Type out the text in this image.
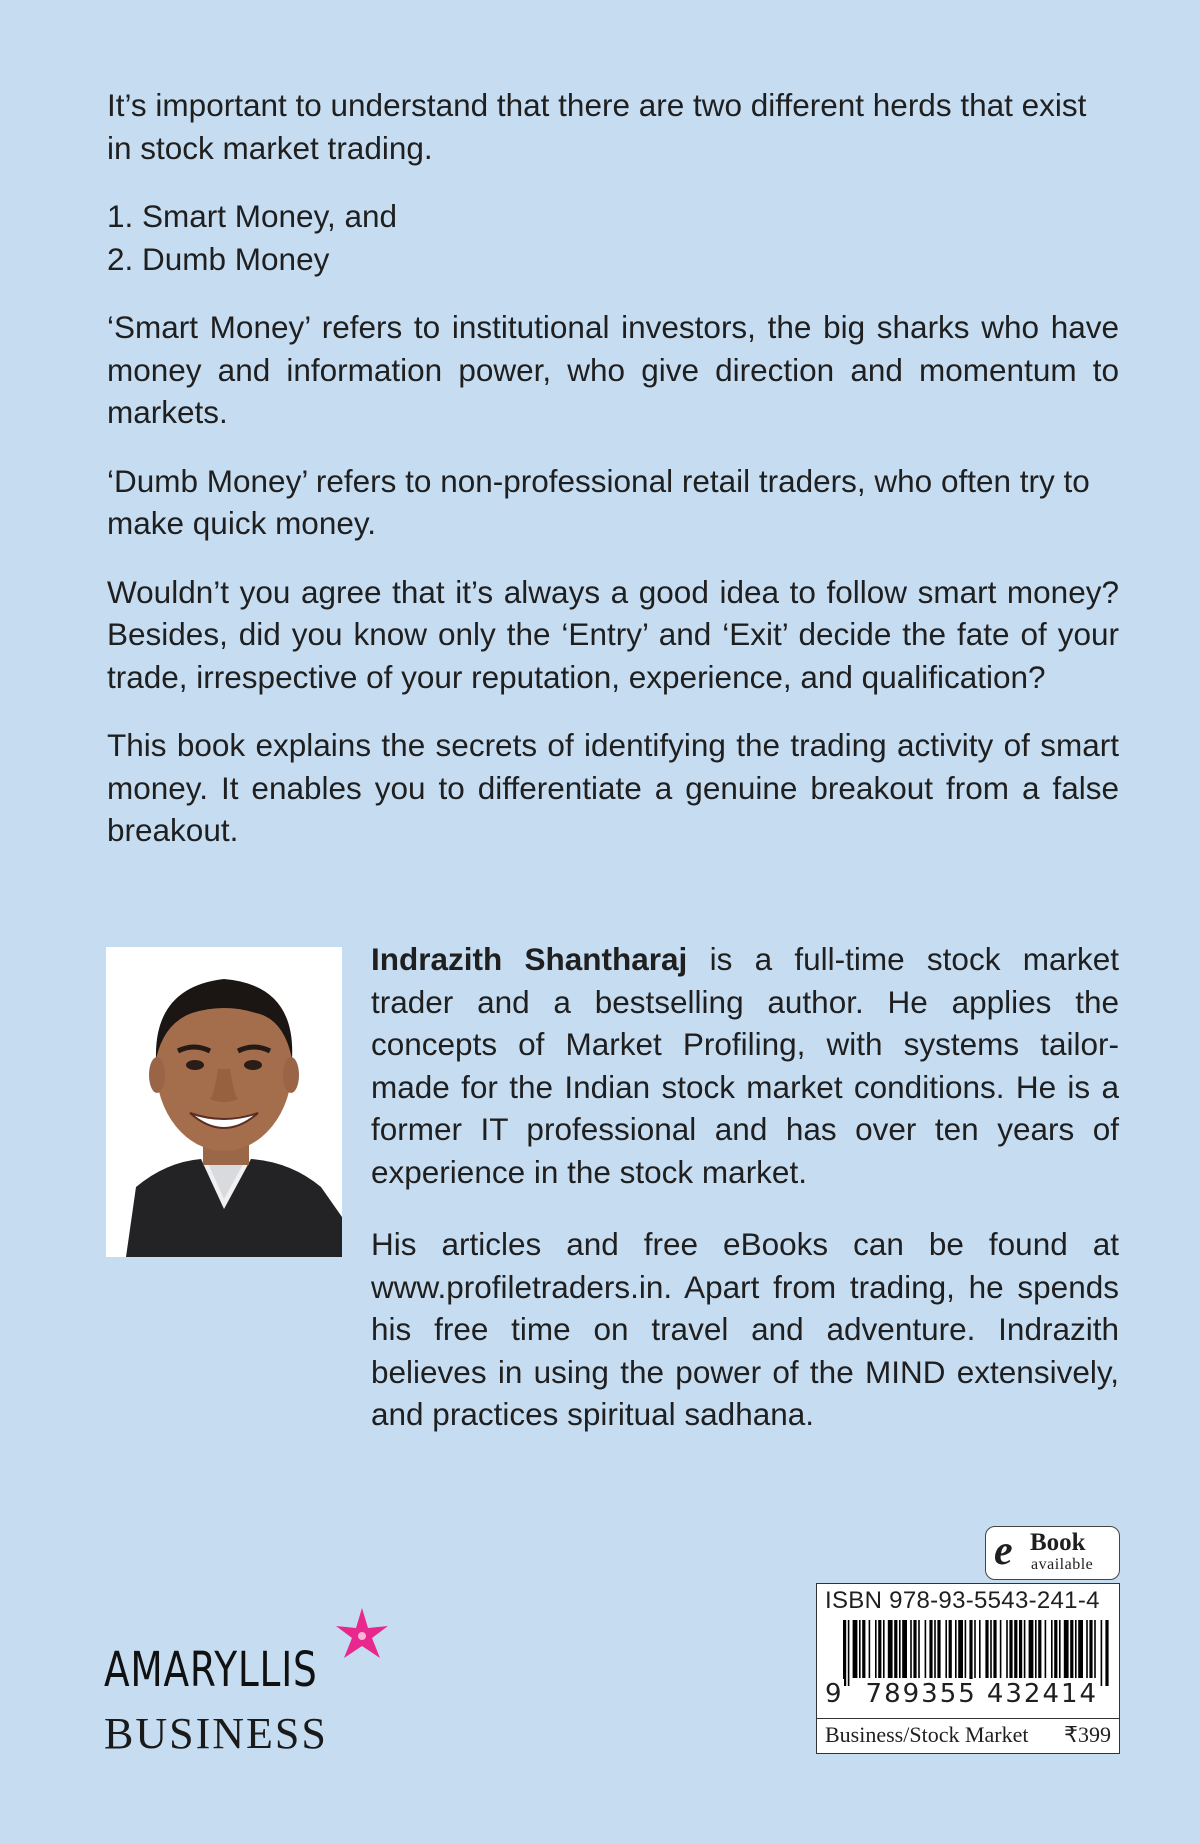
It’s important to understand that there are two different herds that exist in stock market trading.

1. Smart Money, and
2. Dumb Money

‘Smart Money’ refers to institutional investors, the big sharks who have money and information power, who give direction and momentum to markets.

‘Dumb Money’ refers to non-professional retail traders, who often try to make quick money.

Wouldn’t you agree that it’s always a good idea to follow smart money? Besides, did you know only the ‘Entry’ and ‘Exit’ decide the fate of your trade, irrespective of your reputation, experience, and qualification?

This book explains the secrets of identifying the trading activity of smart money. It enables you to differentiate a genuine breakout from a false breakout.

Indrazith Shantharaj is a full-time stock market trader and a bestselling author. He applies the concepts of Market Profiling, with systems tailor-made for the Indian stock market conditions. He is a former IT professional and has over ten years of experience in the stock market.
His articles and free eBooks can be found at www.profiletraders.in. Apart from trading, he spends his free time on travel and adventure. Indrazith believes in using the power of the MIND extensively, and practices spiritual sadhana.
AMARYLLIS
BUSINESS
e Book
available
ISBN 978-93-5543-241-4
9 789355 432414
Business/Stock Market ₹399
